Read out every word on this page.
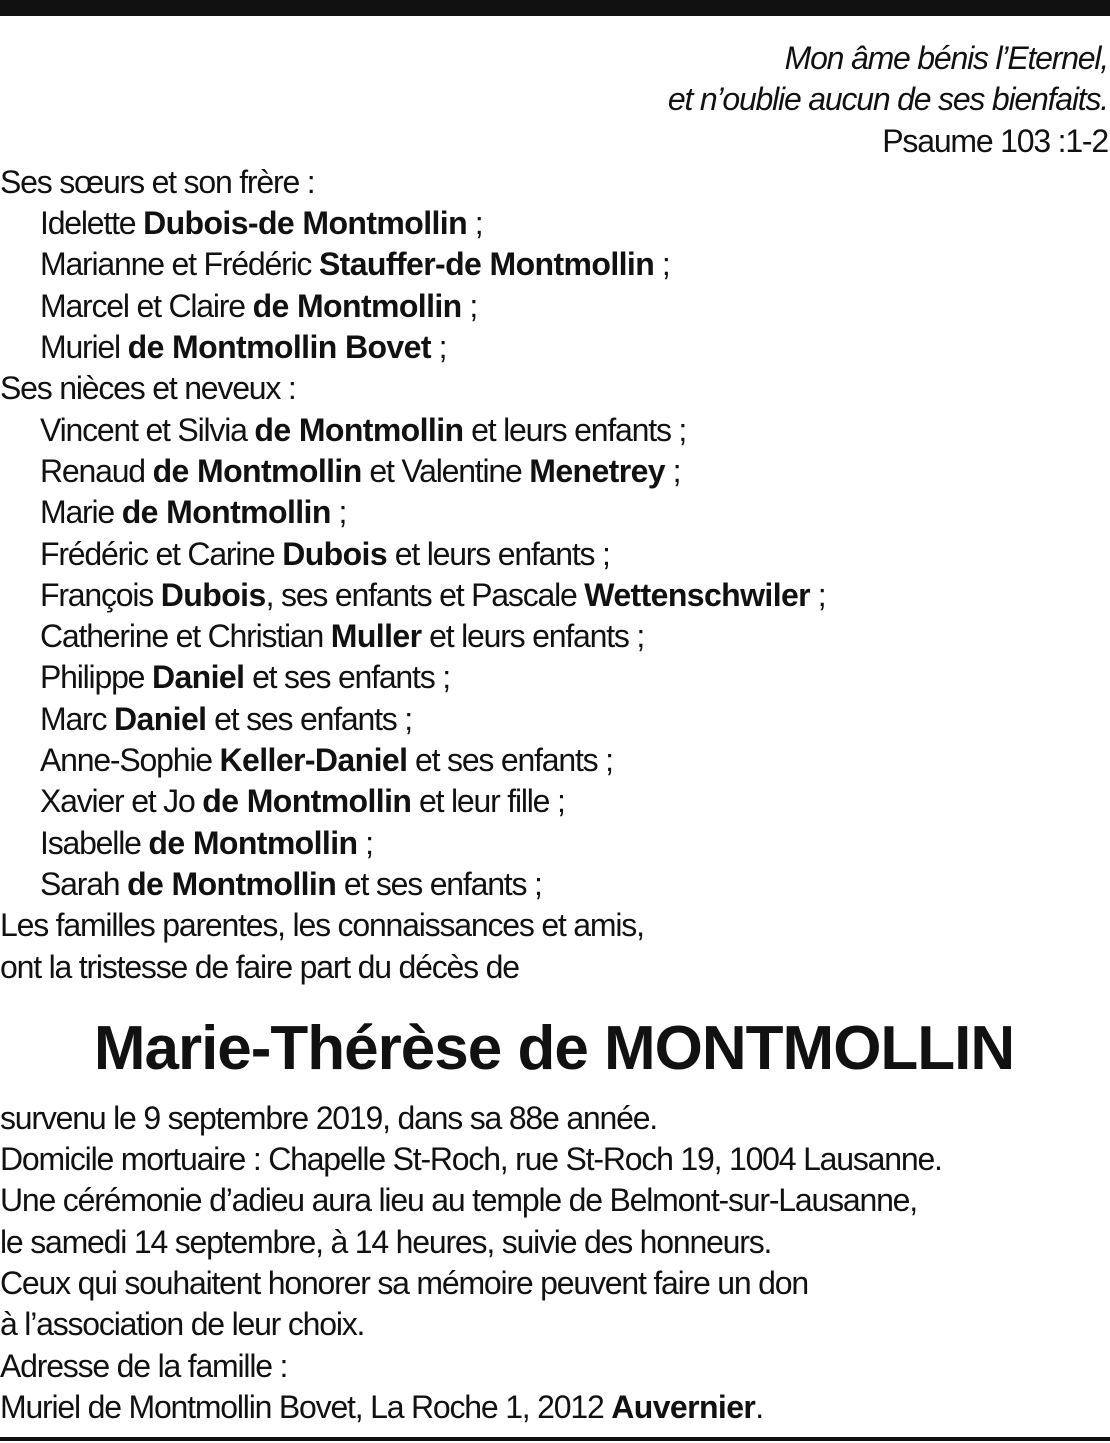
Mon âme bénis l’Eternel,
et n’oublie aucun de ses bienfaits.
Psaume 103 :1-2
Ses sœurs et son frère :
Idelette Dubois-de Montmollin ;
Marianne et Frédéric Stauffer-de Montmollin ;
Marcel et Claire de Montmollin ;
Muriel de Montmollin Bovet ;
Ses nièces et neveux :
Vincent et Silvia de Montmollin et leurs enfants ;
Renaud de Montmollin et Valentine Menetrey ;
Marie de Montmollin ;
Frédéric et Carine Dubois et leurs enfants ;
François Dubois, ses enfants et Pascale Wettenschwiler ;
Catherine et Christian Muller et leurs enfants ;
Philippe Daniel et ses enfants ;
Marc Daniel et ses enfants ;
Anne-Sophie Keller-Daniel et ses enfants ;
Xavier et Jo de Montmollin et leur fille ;
Isabelle de Montmollin ;
Sarah de Montmollin et ses enfants ;
Les familles parentes, les connaissances et amis,
ont la tristesse de faire part du décès de
Marie-Thérèse de MONTMOLLIN
survenu le 9 septembre 2019, dans sa 88e année.
Domicile mortuaire : Chapelle St-Roch, rue St-Roch 19, 1004 Lausanne.
Une cérémonie d’adieu aura lieu au temple de Belmont-sur-Lausanne,
le samedi 14 septembre, à 14 heures, suivie des honneurs.
Ceux qui souhaitent honorer sa mémoire peuvent faire un don
à l’association de leur choix.
Adresse de la famille :
Muriel de Montmollin Bovet, La Roche 1, 2012 Auvernier.
